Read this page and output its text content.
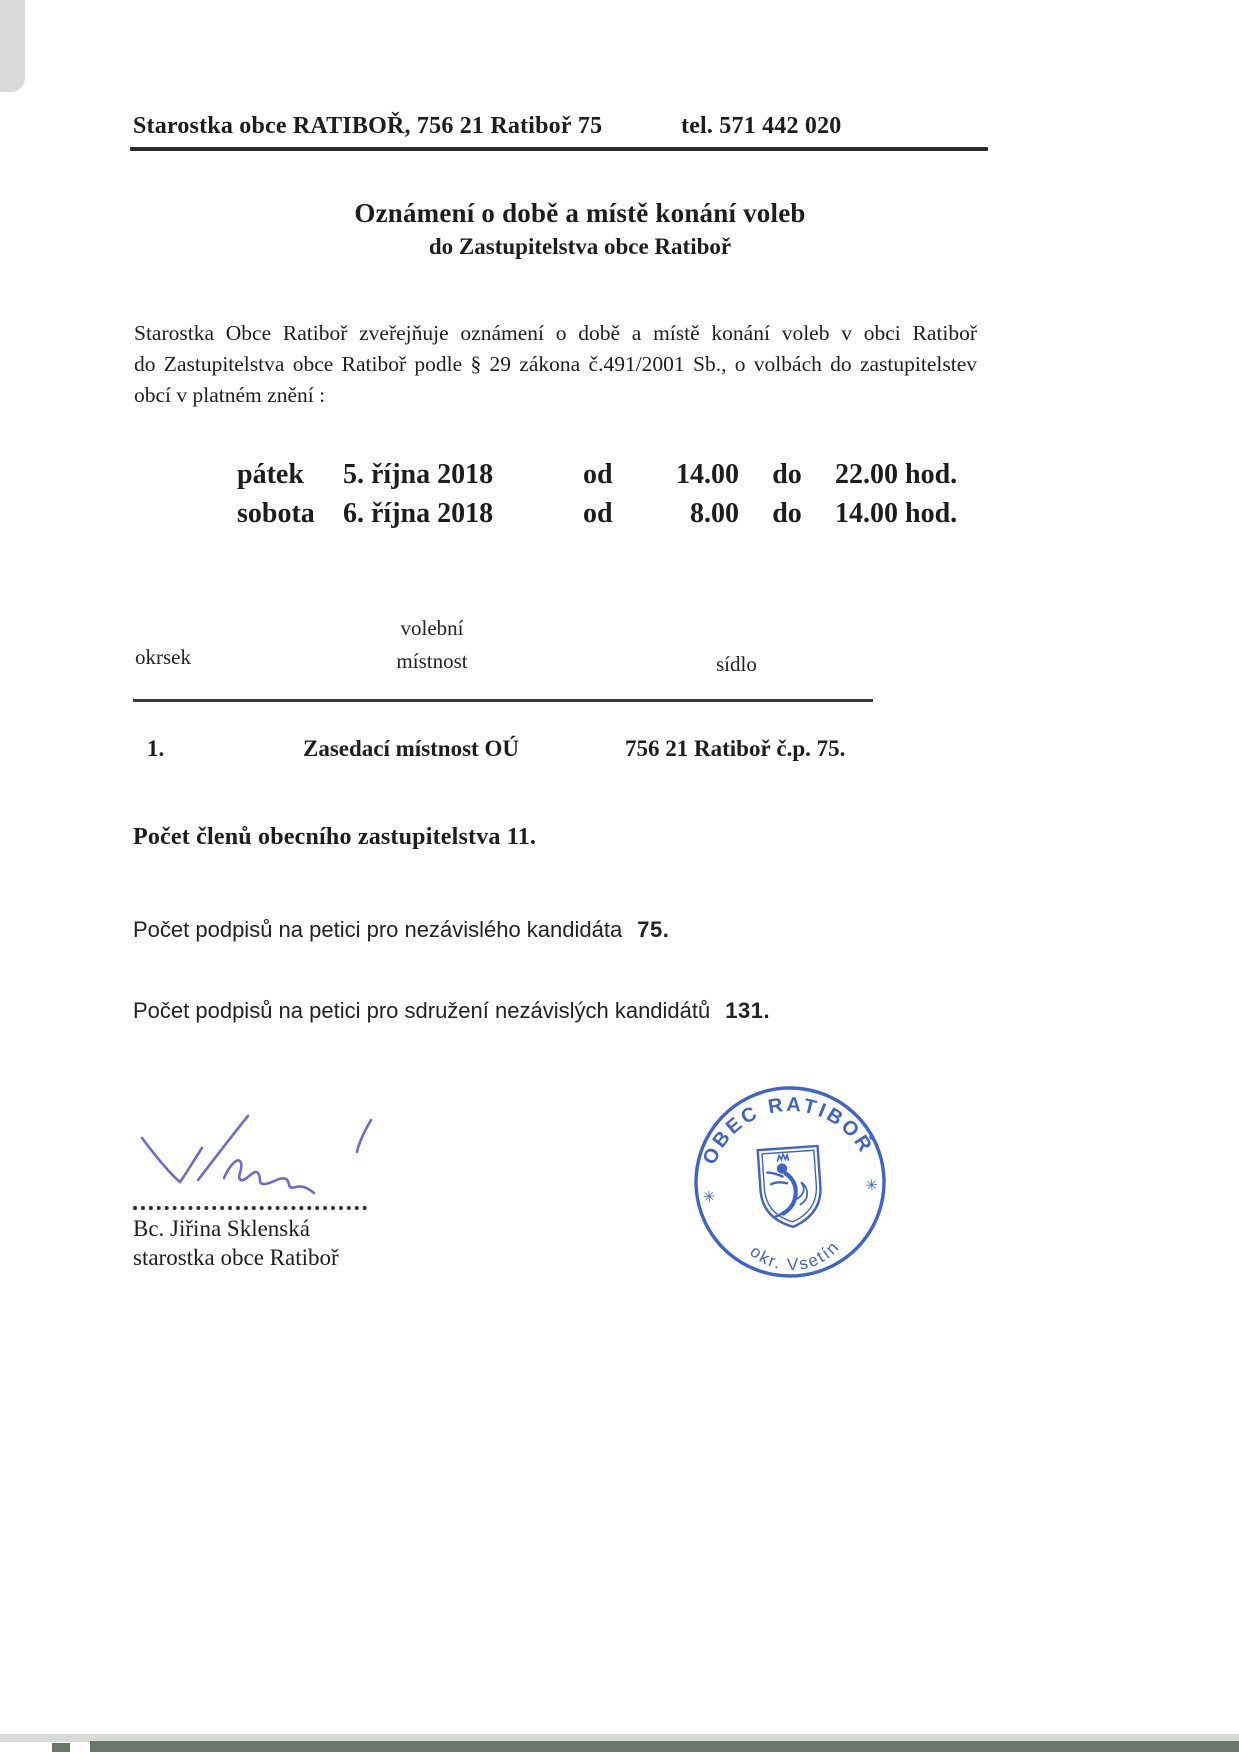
Starostka obce RATIBOŘ, 756 21 Ratiboř 75	tel. 571 442 020
Oznámení o době a místě konání voleb
do Zastupitelstva obce Ratiboř
Starostka Obce Ratiboř zveřejňuje oznámení o době a místě konání voleb v obci Ratiboř
do Zastupitelstva obce Ratiboř podle § 29 zákona č.491/2001 Sb., o volbách do zastupitelstev
obcí v platném znění :
pátek	5. října 2018	od	14.00	do	22.00 hod.
sobota	6. října 2018	od	8.00	do	14.00 hod.
okrsek
volební
místnost	sídlo
1.	Zasedací místnost OÚ	756 21 Ratiboř č.p. 75.
Počet členů obecního zastupitelstva 11.
Počet podpisů na petici pro nezávislého kandidáta 75.
Počet podpisů na petici pro sdružení nezávislých kandidátů 131.
Bc. Jiřina Sklenská
starostka obce Ratiboř
OBEC RATIBOŘ
okr. Vsetín
✳
✳
